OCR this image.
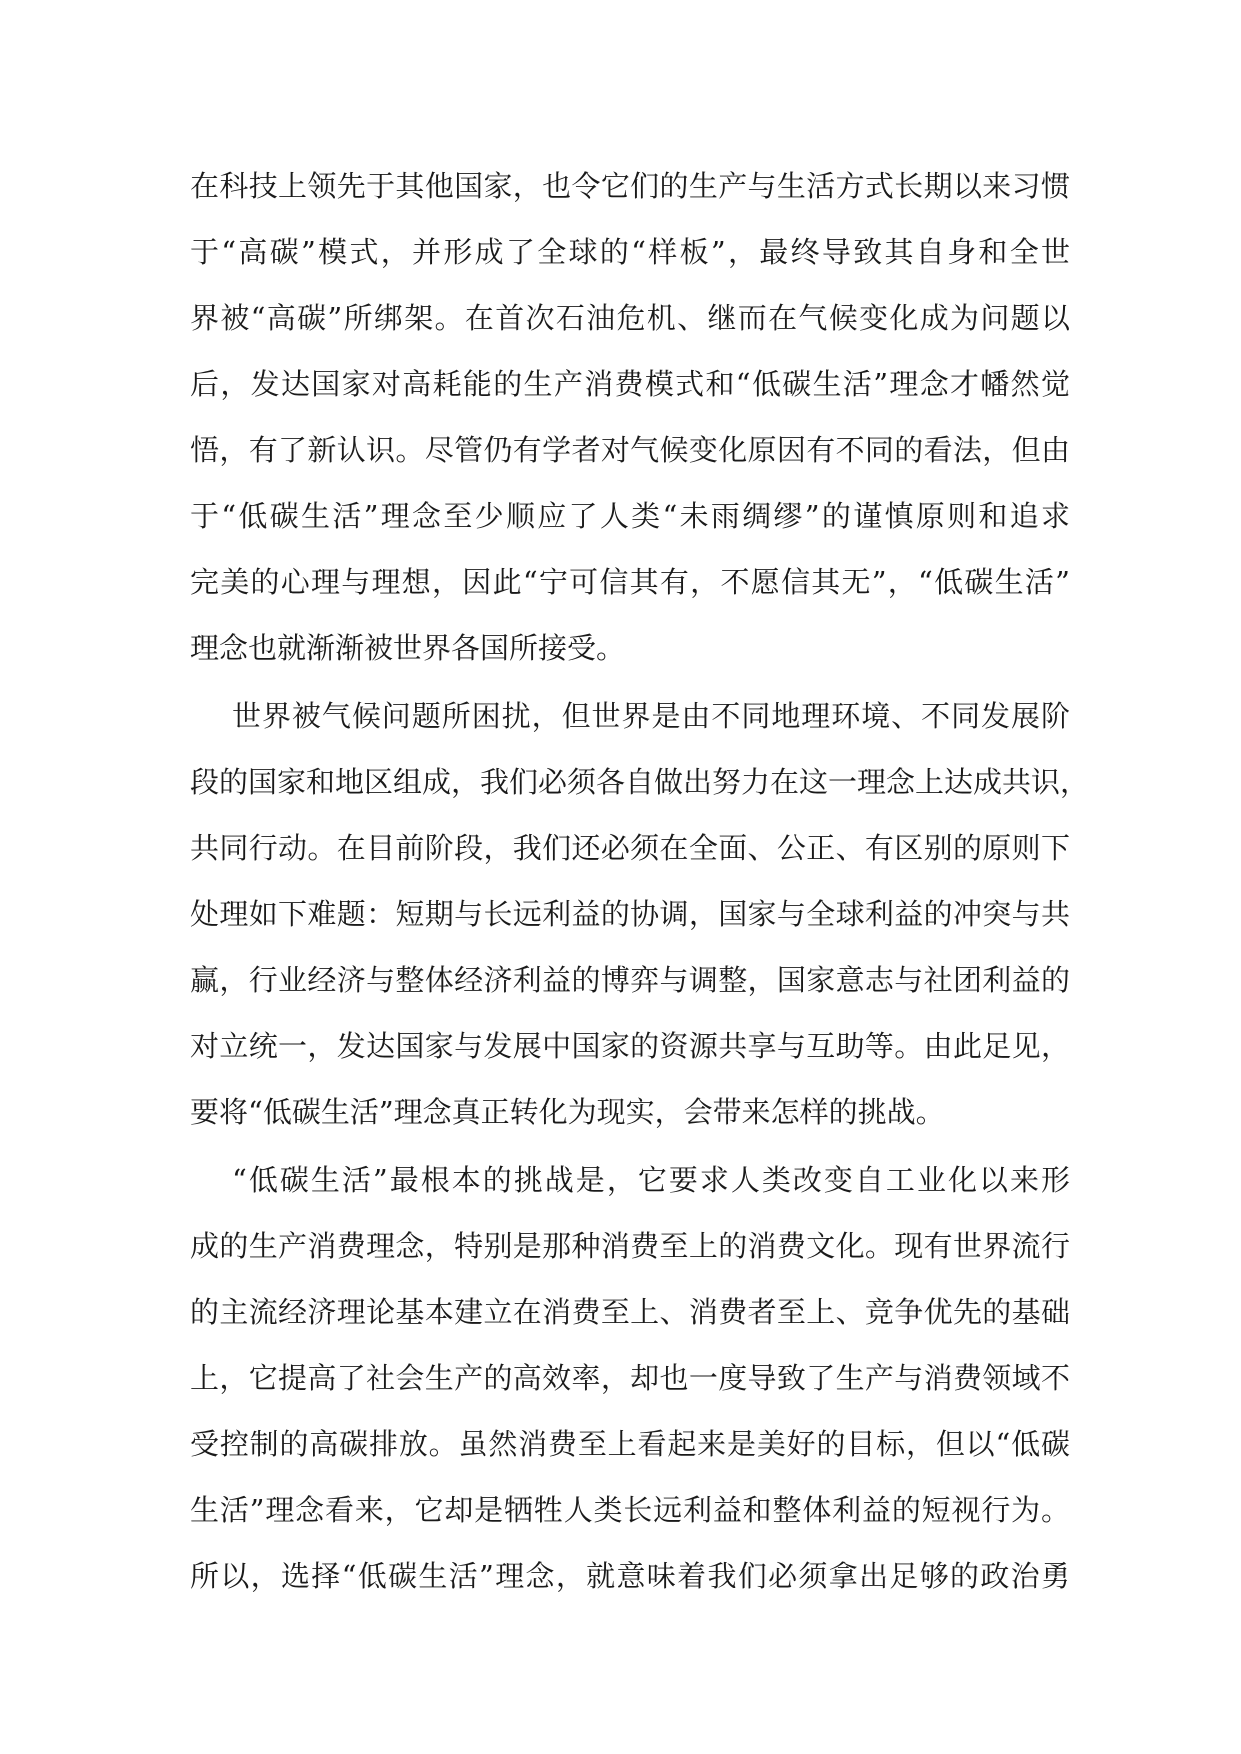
在科技上领先于其他国家，也令它们的生产与生活方式长期以来习惯
于“高碳”模式，并形成了全球的“样板”，最终导致其自身和全世
界被“高碳”所绑架。在首次石油危机、继而在气候变化成为问题以
后，发达国家对高耗能的生产消费模式和“低碳生活”理念才幡然觉
悟，有了新认识。尽管仍有学者对气候变化原因有不同的看法，但由
于“低碳生活”理念至少顺应了人类“未雨绸缪”的谨慎原则和追求
完美的心理与理想，因此“宁可信其有，不愿信其无”，“低碳生活”
理念也就渐渐被世界各国所接受。
世界被气候问题所困扰，但世界是由不同地理环境、不同发展阶
段的国家和地区组成，我们必须各自做出努力在这一理念上达成共识，
共同行动。在目前阶段，我们还必须在全面、公正、有区别的原则下
处理如下难题：短期与长远利益的协调，国家与全球利益的冲突与共
赢，行业经济与整体经济利益的博弈与调整，国家意志与社团利益的
对立统一，发达国家与发展中国家的资源共享与互助等。由此足见，
要将“低碳生活”理念真正转化为现实，会带来怎样的挑战。
“低碳生活”最根本的挑战是，它要求人类改变自工业化以来形
成的生产消费理念，特别是那种消费至上的消费文化。现有世界流行
的主流经济理论基本建立在消费至上、消费者至上、竞争优先的基础
上，它提高了社会生产的高效率，却也一度导致了生产与消费领域不
受控制的高碳排放。虽然消费至上看起来是美好的目标，但以“低碳
生活”理念看来，它却是牺牲人类长远利益和整体利益的短视行为。
所以，选择“低碳生活”理念，就意味着我们必须拿出足够的政治勇
